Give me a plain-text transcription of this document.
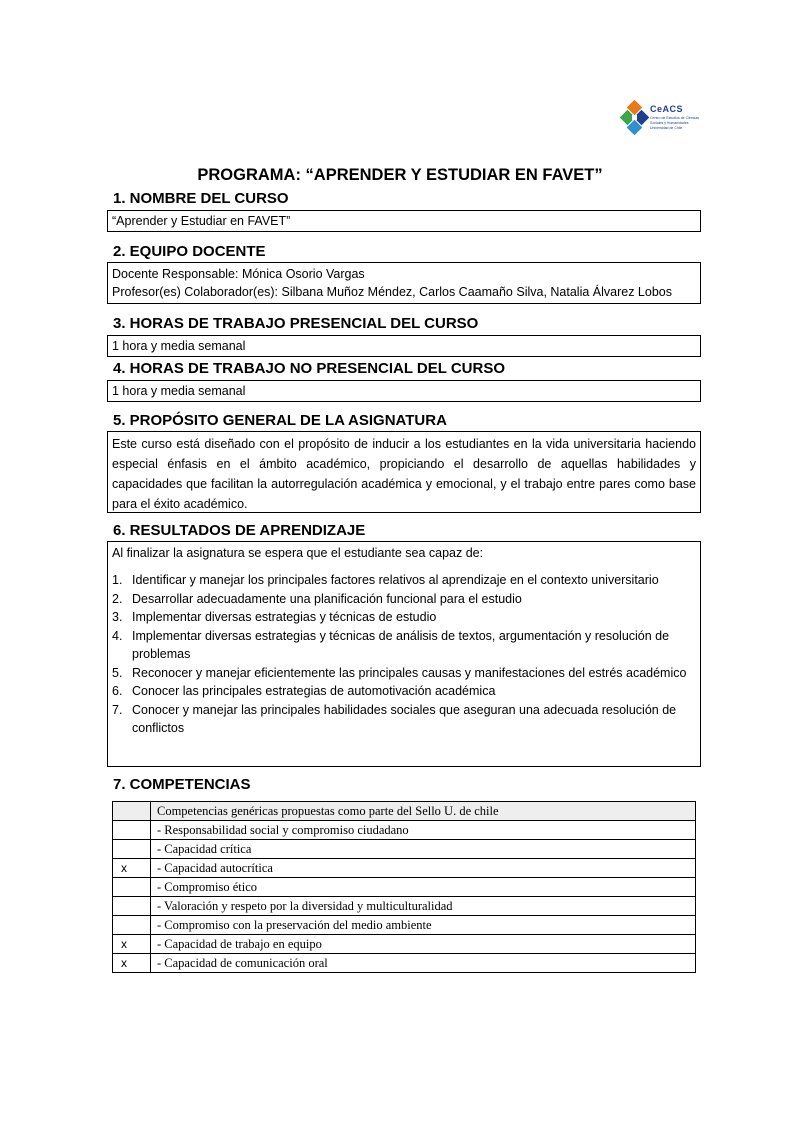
CeACS
Centro de Estudios de Ciencias
Sociales y Humanidades
Universidad de Chile
PROGRAMA: “APRENDER Y ESTUDIAR EN FAVET”
1. NOMBRE DEL CURSO
“Aprender y Estudiar en FAVET”
2. EQUIPO DOCENTE
Docente Responsable: Mónica Osorio Vargas
Profesor(es) Colaborador(es): Silbana Muñoz Méndez, Carlos Caamaño Silva, Natalia Álvarez Lobos
3. HORAS DE TRABAJO PRESENCIAL DEL CURSO
1 hora y media semanal
4. HORAS DE TRABAJO NO PRESENCIAL DEL CURSO
1 hora y media semanal
5. PROPÓSITO GENERAL DE LA ASIGNATURA
Este curso está diseñado con el propósito de inducir a los estudiantes en la vida universitaria haciendo especial énfasis en el ámbito académico, propiciando el desarrollo de aquellas habilidades y capacidades que facilitan la autorregulación académica y emocional, y el trabajo entre pares como base para el éxito académico.
6. RESULTADOS DE APRENDIZAJE
Al finalizar la asignatura se espera que el estudiante sea capaz de:
1. Identificar y manejar los principales factores relativos al aprendizaje en el contexto universitario
2. Desarrollar adecuadamente una planificación funcional para el estudio
3. Implementar diversas estrategias y técnicas de estudio
4. Implementar diversas estrategias y técnicas de análisis de textos, argumentación y resolución de problemas
5. Reconocer y manejar eficientemente las principales causas y manifestaciones del estrés académico
6. Conocer las principales estrategias de automotivación académica
7. Conocer y manejar las principales habilidades sociales que aseguran una adecuada resolución de conflictos
7. COMPETENCIAS
	Competencias genéricas propuestas como parte del Sello U. de chile
	- Responsabilidad social y compromiso ciudadano
	- Capacidad crítica
x	- Capacidad autocrítica
	- Compromiso ético
	- Valoración y respeto por la diversidad y multiculturalidad
	- Compromiso con la preservación del medio ambiente
x	- Capacidad de trabajo en equipo
x	- Capacidad de comunicación oral
